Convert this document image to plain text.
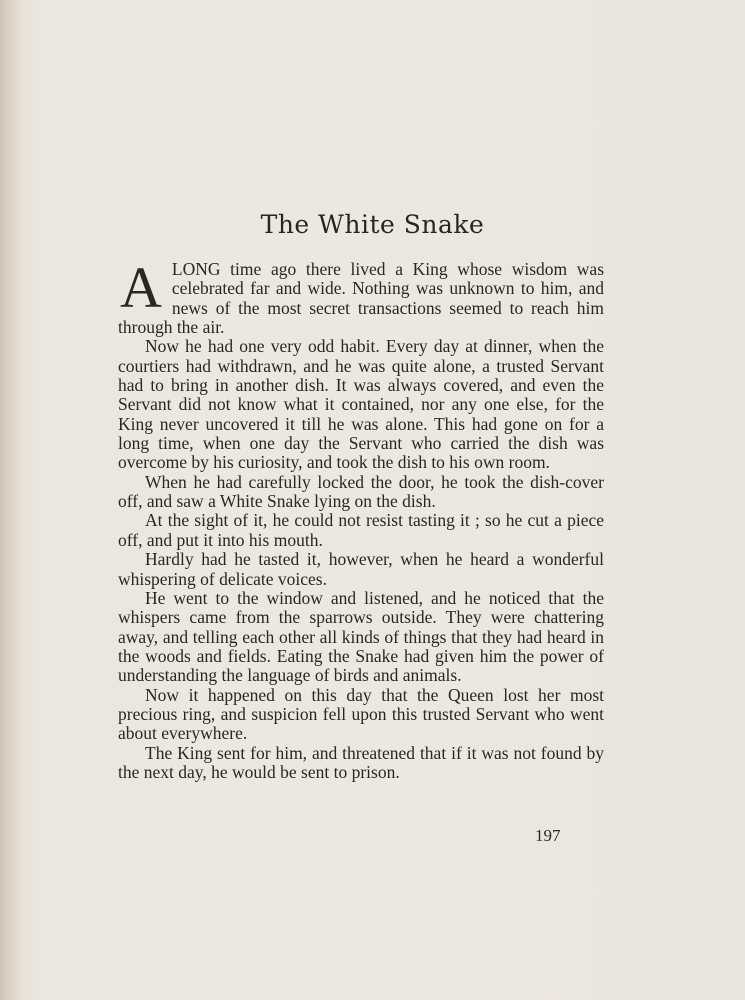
The White Snake

ALONG time ago there lived a King whose wisdom was celebrated far and wide. Nothing was unknown to him, and news of the most secret transactions seemed to reach him through the air.

Now he had one very odd habit. Every day at dinner, when the courtiers had withdrawn, and he was quite alone, a trusted Servant had to bring in another dish. It was always covered, and even the Servant did not know what it contained, nor any one else, for the King never uncovered it till he was alone. This had gone on for a long time, when one day the Servant who carried the dish was overcome by his curiosity, and took the dish to his own room.

When he had carefully locked the door, he took the dish-cover off, and saw a White Snake lying on the dish.

At the sight of it, he could not resist tasting it ; so he cut a piece off, and put it into his mouth.

Hardly had he tasted it, however, when he heard a wonderful whispering of delicate voices.

He went to the window and listened, and he noticed that the whispers came from the sparrows outside. They were chattering away, and telling each other all kinds of things that they had heard in the woods and fields. Eating the Snake had given him the power of understanding the language of birds and animals.

Now it happened on this day that the Queen lost her most precious ring, and suspicion fell upon this trusted Servant who went about everywhere.

The King sent for him, and threatened that if it was not found by the next day, he would be sent to prison.

197
